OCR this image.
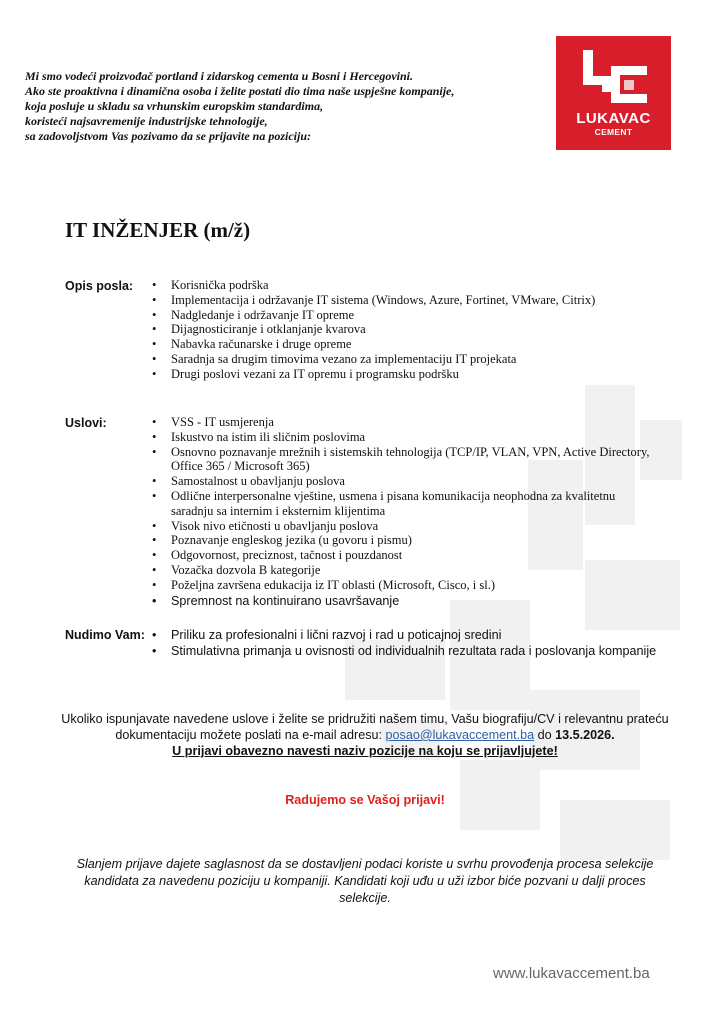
Mi smo vodeći proizvođač portland i zidarskog cementa u Bosni i Hercegovini.
Ako ste proaktivna i dinamična osoba i želite postati dio tima naše uspješne kompanije,
koja posluje u skladu sa vrhunskim europskim standardima,
koristeći najsavremenije industrijske tehnologije,
sa zadovoljstvom Vas pozivamo da se prijavite na poziciju:
LUKAVAC
CEMENT
IT INŽENJER (m/ž)
Opis posla:	• Korisnička podrška
• Implementacija i održavanje IT sistema (Windows, Azure, Fortinet, VMware, Citrix)
• Nadgledanje i održavanje IT opreme
• Dijagnosticiranje i otklanjanje kvarova
• Nabavka računarske i druge opreme
• Saradnja sa drugim timovima vezano za implementaciju IT projekata
• Drugi poslovi vezani za IT opremu i programsku podršku
Uslovi:	• VSS - IT usmjerenja
• Iskustvo na istim ili sličnim poslovima
• Osnovno poznavanje mrežnih i sistemskih tehnologija (TCP/IP, VLAN, VPN, Active Directory, Office 365 / Microsoft 365)
• Samostalnost u obavljanju poslova
• Odlične interpersonalne vještine, usmena i pisana komunikacija neophodna za kvalitetnu saradnju sa internim i eksternim klijentima
• Visok nivo etičnosti u obavljanju poslova
• Poznavanje engleskog jezika (u govoru i pismu)
• Odgovornost, preciznost, tačnost i pouzdanost
• Vozačka dozvola B kategorije
• Poželjna završena edukacija iz IT oblasti (Microsoft, Cisco, i sl.)
• Spremnost na kontinuirano usavršavanje
Nudimo Vam:	• Priliku za profesionalni i lični razvoj i rad u poticajnoj sredini
• Stimulativna primanja u ovisnosti od individualnih rezultata rada i poslovanja kompanije
Ukoliko ispunjavate navedene uslove i želite se pridružiti našem timu, Vašu biografiju/CV i relevantnu prateću
dokumentaciju možete poslati na e-mail adresu: posao@lukavaccement.ba do 13.5.2026.
U prijavi obavezno navesti naziv pozicije na koju se prijavljujete!
Radujemo se Vašoj prijavi!
Slanjem prijave dajete saglasnost da se dostavljeni podaci koriste u svrhu provođenja procesa selekcije
kandidata za navedenu poziciju u kompaniji. Kandidati koji uđu u uži izbor biće pozvani u dalji proces selekcije.
www.lukavaccement.ba
